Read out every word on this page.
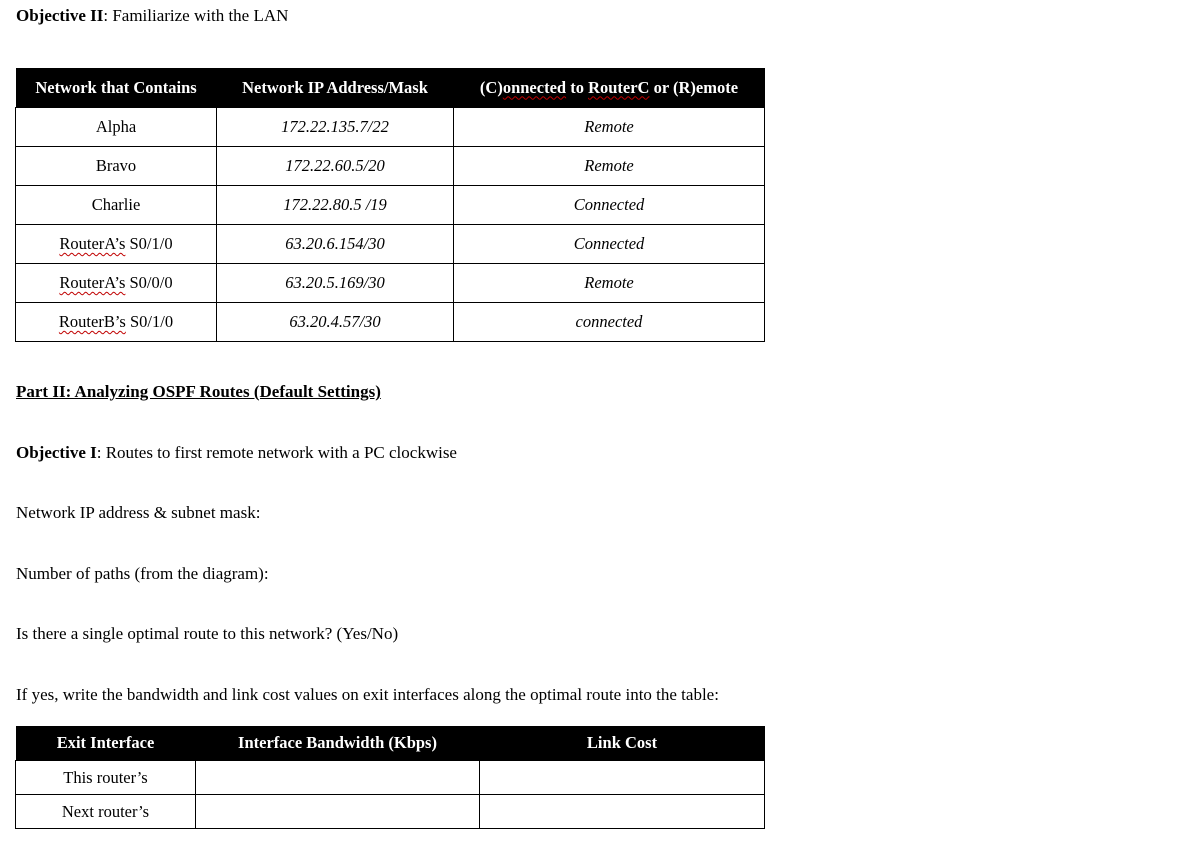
Objective II: Familiarize with the LAN
Network that Contains	Network IP Address/Mask	(C)onnected to RouterC or (R)emote
Alpha	172.22.135.7/22	Remote
Bravo	172.22.60.5/20	Remote
Charlie	172.22.80.5 /19	Connected
RouterA’s S0/1/0	63.20.6.154/30	Connected
RouterA’s S0/0/0	63.20.5.169/30	Remote
RouterB’s S0/1/0	63.20.4.57/30	connected
Part II: Analyzing OSPF Routes (Default Settings)
Objective I: Routes to first remote network with a PC clockwise
Network IP address & subnet mask:
Number of paths (from the diagram):
Is there a single optimal route to this network? (Yes/No)
If yes, write the bandwidth and link cost values on exit interfaces along the optimal route into the table:
Exit Interface	Interface Bandwidth (Kbps)	Link Cost
This router’s		
Next router’s		
